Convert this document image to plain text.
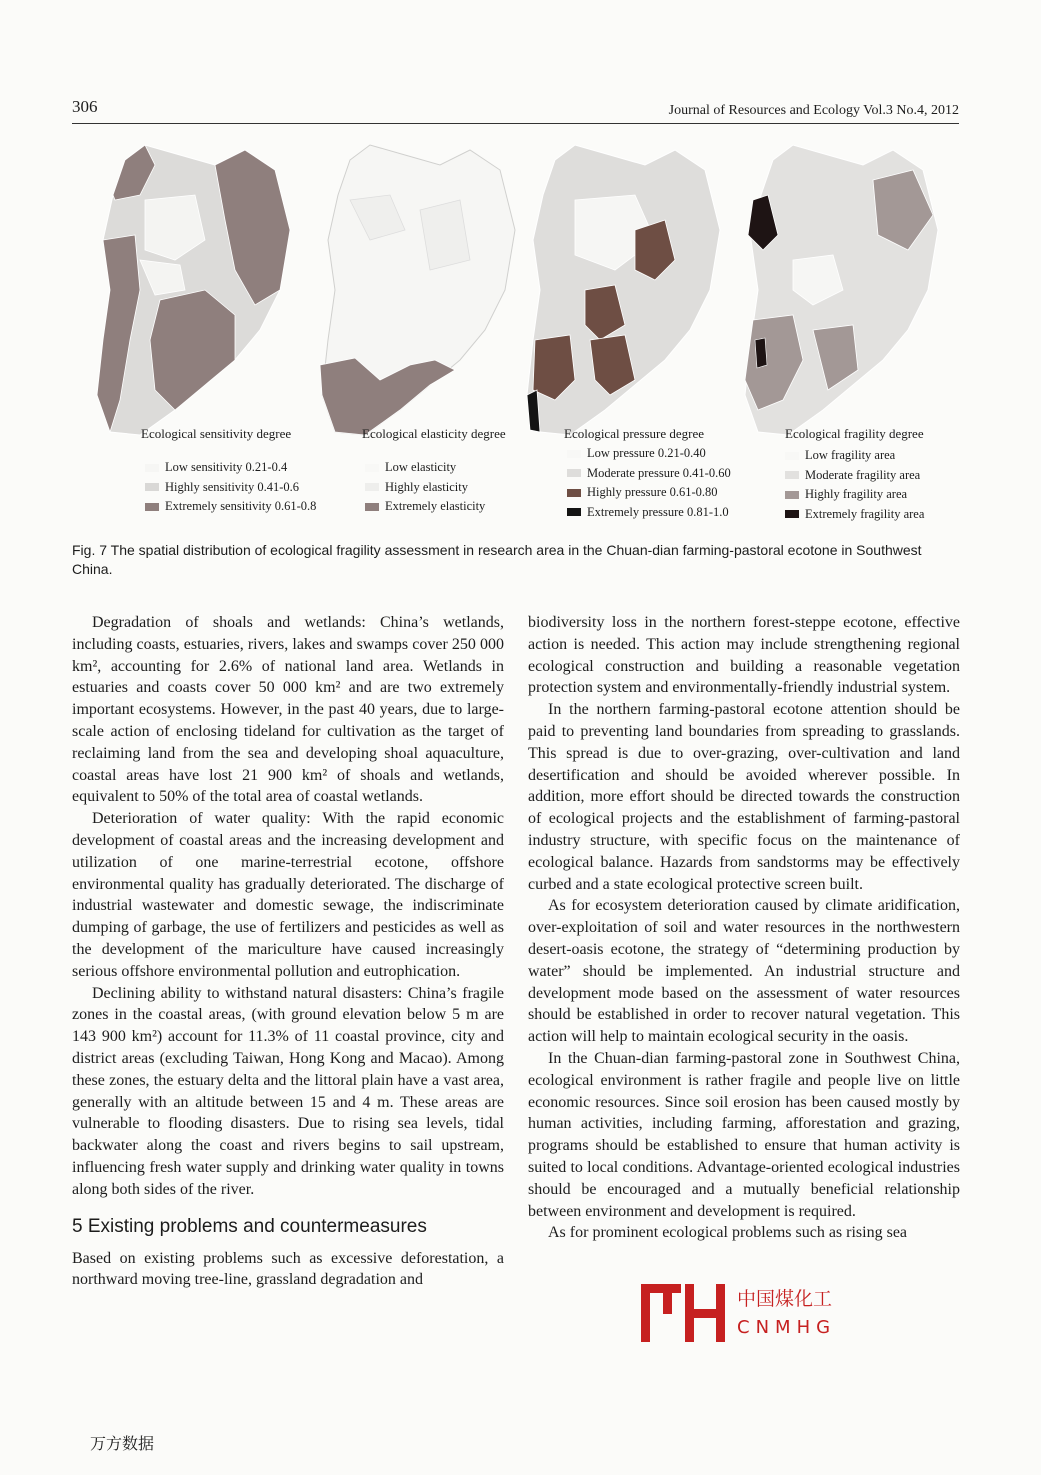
306	Journal of Resources and Ecology Vol.3 No.4, 2012
Ecological sensitivity degree
Low sensitivity 0.21-0.4
Highly sensitivity 0.41-0.6
Extremely sensitivity 0.61-0.8
Ecological elasticity degree
Low elasticity
Highly elasticity
Extremely elasticity
Ecological pressure degree
Low pressure 0.21-0.40
Moderate pressure 0.41-0.60
Highly pressure 0.61-0.80
Extremely pressure 0.81-1.0
Ecological fragility degree
Low fragility area
Moderate fragility area
Highly fragility area
Extremely fragility area
Fig. 7 The spatial distribution of ecological fragility assessment in research area in the Chuan-dian farming-pastoral ecotone in Southwest China.

Degradation of shoals and wetlands: China’s wetlands, including coasts, estuaries, rivers, lakes and swamps cover 250 000 km², accounting for 2.6% of national land area. Wetlands in estuaries and coasts cover 50 000 km² and are two extremely important ecosystems. However, in the past 40 years, due to large-scale action of enclosing tideland for cultivation as the target of reclaiming land from the sea and developing shoal aquaculture, coastal areas have lost 21 900 km² of shoals and wetlands, equivalent to 50% of the total area of coastal wetlands.

Deterioration of water quality: With the rapid economic development of coastal areas and the increasing development and utilization of one marine-terrestrial ecotone, offshore environmental quality has gradually deteriorated. The discharge of industrial wastewater and domestic sewage, the indiscriminate dumping of garbage, the use of fertilizers and pesticides as well as the development of the mariculture have caused increasingly serious offshore environmental pollution and eutrophication.

Declining ability to withstand natural disasters: China’s fragile zones in the coastal areas, (with ground elevation below 5 m are 143 900 km²) account for 11.3% of 11 coastal province, city and district areas (excluding Taiwan, Hong Kong and Macao). Among these zones, the estuary delta and the littoral plain have a vast area, generally with an altitude between 15 and 4 m. These areas are vulnerable to flooding disasters. Due to rising sea levels, tidal backwater along the coast and rivers begins to sail upstream, influencing fresh water supply and drinking water quality in towns along both sides of the river.

5 Existing problems and countermeasures

Based on existing problems such as excessive deforestation, a northward moving tree-line, grassland degradation and

biodiversity loss in the northern forest-steppe ecotone, effective action is needed. This action may include strengthening regional ecological construction and building a reasonable vegetation protection system and environmentally-friendly industrial system.

In the northern farming-pastoral ecotone attention should be paid to preventing land boundaries from spreading to grasslands. This spread is due to over-grazing, over-cultivation and land desertification and should be avoided wherever possible. In addition, more effort should be directed towards the construction of ecological projects and the establishment of farming-pastoral industry structure, with specific focus on the maintenance of ecological balance. Hazards from sandstorms may be effectively curbed and a state ecological protective screen built.

As for ecosystem deterioration caused by climate aridification, over-exploitation of soil and water resources in the northwestern desert-oasis ecotone, the strategy of “determining production by water” should be implemented. An industrial structure and development mode based on the assessment of water resources should be established in order to recover natural vegetation. This action will help to maintain ecological security in the oasis.

In the Chuan-dian farming-pastoral zone in Southwest China, ecological environment is rather fragile and people live on little economic resources. Since soil erosion has been caused mostly by human activities, including farming, afforestation and grazing, programs should be established to ensure that human activity is suited to local conditions. Advantage-oriented ecological industries should be encouraged and a mutually beneficial relationship between environment and development is required.

As for prominent ecological problems such as rising sea

中国煤化工
CNMHG
万方数据
